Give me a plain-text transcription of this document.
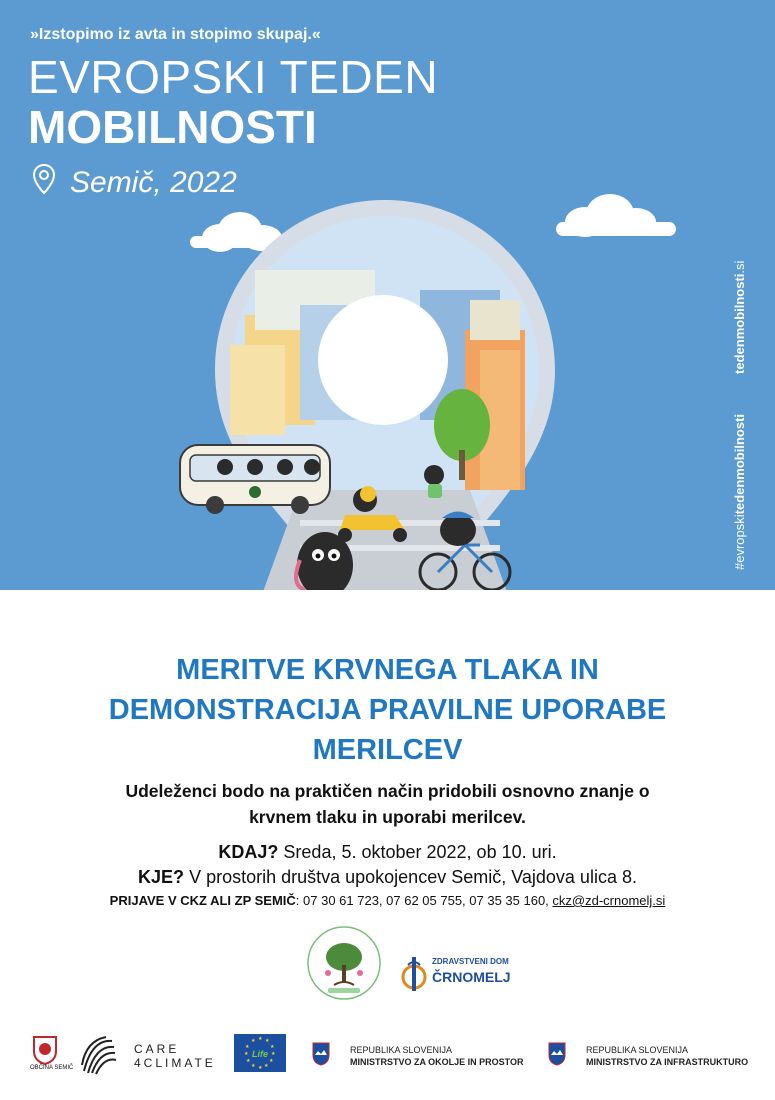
»Izstopimo iz avta in stopimo skupaj.«
EVROPSKI TEDEN
MOBILNOSTI
Semič, 2022
#evropskitedenmobilnostitedenmobilnosti.si
MERITVE KRVNEGA TLAKA IN
DEMONSTRACIJA PRAVILNE UPORABE
MERILCEV
Udeleženci bodo na praktičen način pridobili osnovno znanje o
krvnem tlaku in uporabi merilcev.
KDAJ? Sreda, 5. oktober 2022, ob 10. uri.
KJE? V prostorih društva upokojencev Semič, Vajdova ulica 8.
PRIJAVE V CKZ ALI ZP SEMIČ: 07 30 61 723, 07 62 05 755, 07 35 35 160, ckz@zd-crnomelj.si
ZDRAVSTVENI DOM
ČRNOMELJ
OBČINA SEMIČ
CARE
4CLIMATE
★ ★
★
★
★
★
★
★
★
★
★
★
Life	REPUBLIKA SLOVENIJA
MINISTRSTVO ZA OKOLJE IN PROSTOR
REPUBLIKA SLOVENIJA
MINISTRSTVO ZA INFRASTRUKTURO
